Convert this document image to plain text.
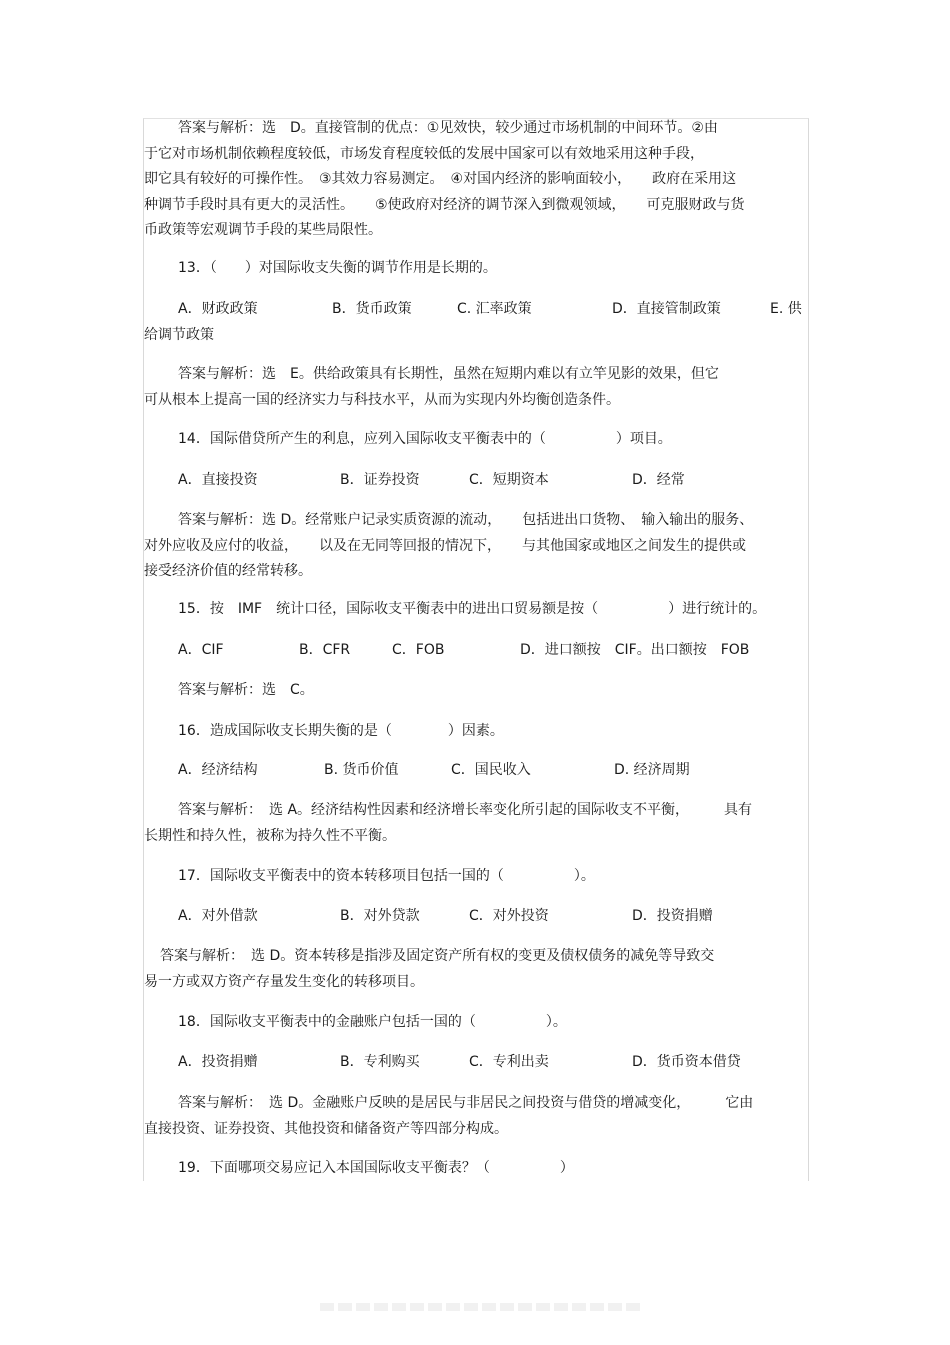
答案与解析：选　D。直接管制的优点：①见效快，较少通过市场机制的中间环节。②由
于它对市场机制依赖程度较低，市场发育程度较低的发展中国家可以有效地采用这种手段，
即它具有较好的可操作性。　③其效力容易测定。　④对国内经济的影响面较小，　　政府在采用这
种调节手段时具有更大的灵活性。　　⑤使政府对经济的调节深入到微观领域，　　可克服财政与货
币政策等宏观调节手段的某些局限性。
13．（　　）对国际收支失衡的调节作用是长期的。
A．财政政策	B．货币政策	C. 汇率政策	D．直接管制政策	E. 供
给调节政策
答案与解析：选　E。供给政策具有长期性，虽然在短期内难以有立竿见影的效果，但它
可从根本上提高一国的经济实力与科技水平，从而为实现内外均衡创造条件。
14．国际借贷所产生的利息，应列入国际收支平衡表中的（　　　　　）项目。
A．直接投资	B．证券投资	C．短期资本	D．经常
答案与解析：选 D。经常账户记录实质资源的流动，　　包括进出口货物、　输入输出的服务、
对外应收及应付的收益，　　以及在无同等回报的情况下，　　与其他国家或地区之间发生的提供或
接受经济价值的经常转移。
15．按　IMF　统计口径，国际收支平衡表中的进出口贸易额是按（　　　　　）进行统计的。
A．CIF	B．CFR	C．FOB	D．进口额按　CIF。出口额按　FOB
答案与解析：选　C。
16．造成国际收支长期失衡的是（　　　　）因素。
A．经济结构	B. 货币价值	C．国民收入	D. 经济周期
答案与解析：　选 A。经济结构性因素和经济增长率变化所引起的国际收支不平衡，　　　具有
长期性和持久性，被称为持久性不平衡。
17．国际收支平衡表中的资本转移项目包括一国的（　　　　　）。
A．对外借款	B．对外贷款	C．对外投资	D．投资捐赠
答案与解析：　选 D。资本转移是指涉及固定资产所有权的变更及债权债务的减免等导致交
易一方或双方资产存量发生变化的转移项目。
18．国际收支平衡表中的金融账户包括一国的（　　　　　）。
A．投资捐赠	B．专利购买	C．专利出卖	D．货币资本借贷
答案与解析：　选 D。金融账户反映的是居民与非居民之间投资与借贷的增减变化，　　　它由
直接投资、证券投资、其他投资和储备资产等四部分构成。
19．下面哪项交易应记入本国国际收支平衡表？（　　　　　）
